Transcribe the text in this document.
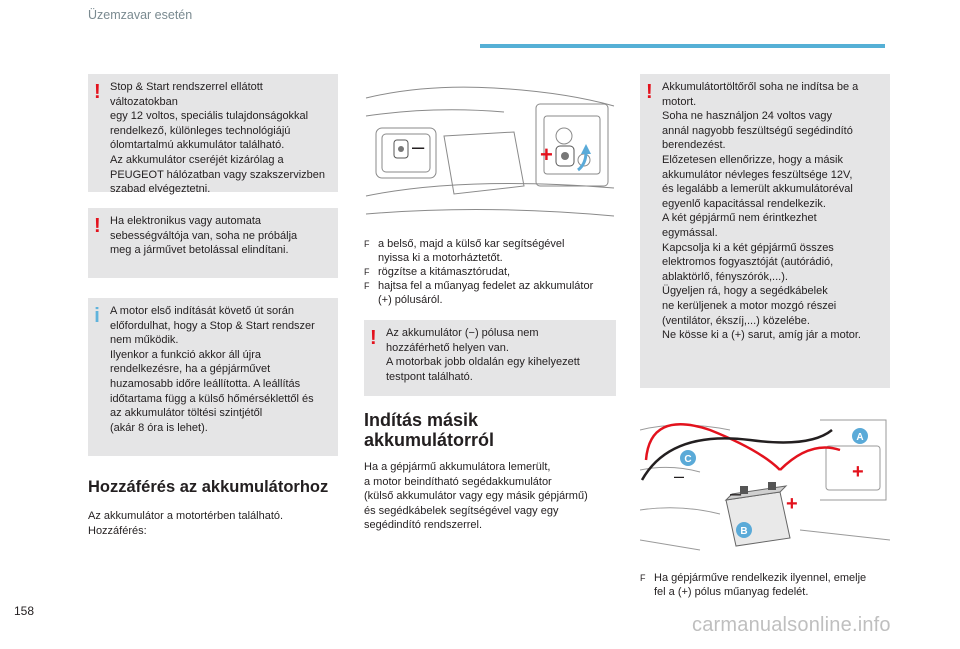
Üzemzavar esetén
! Stop & Start rendszerrel ellátott változatokban
egy 12 voltos, speciális tulajdonságokkal
rendelkező, különleges technológiájú
ólomtartalmú akkumulátor található.
Az akkumulátor cseréjét kizárólag a
PEUGEOT hálózatban vagy szakszervizben
szabad elvégeztetni.
! Ha elektronikus vagy automata
sebességváltója van, soha ne próbálja
meg a járművet betolással elindítani.
i A motor első indítását követő út során
előfordulhat, hogy a Stop & Start rendszer
nem működik.
Ilyenkor a funkció akkor áll újra
rendelkezésre, ha a gépjárművet
huzamosabb időre leállította. A leállítás
időtartama függ a külső hőmérséklettől és
az akkumulátor töltési szintjétől
(akár 8 óra is lehet).
Hozzáférés az akkumulátorhoz
Az akkumulátor a motortérben található.
Hozzáférés:
–	+
F a belső, majd a külső kar segítségével
nyissa ki a motorháztetőt.
F rögzítse a kitámasztórudat,
F hajtsa fel a műanyag fedelet az akkumulátor
(+) pólusáról.
! Az akkumulátor (−) pólusa nem
hozzáférhető helyen van.
A motorbak jobb oldalán egy kihelyezett
testpont található.
Indítás másik
akkumulátorról
Ha a gépjármű akkumulátora lemerült,
a motor beindítható segédakkumulátor
(külső akkumulátor vagy egy másik gépjármű)
és segédkábelek segítségével vagy egy
segédindító rendszerrel.
! Akkumulátortöltőről soha ne indítsa be a
motort.
Soha ne használjon 24 voltos vagy
annál nagyobb feszültségű segédindító
berendezést.
Előzetesen ellenőrizze, hogy a másik
akkumulátor névleges feszültsége 12V,
és legalább a lemerült akkumulátoréval
egyenlő kapacitással rendelkezik.
A két gépjármű nem érintkezhet
egymással.
Kapcsolja ki a két gépjármű összes
elektromos fogyasztóját (autórádió,
ablaktörlő, fényszórók,...).
Ügyeljen rá, hogy a segédkábelek
ne kerüljenek a motor mozgó részei
(ventilátor, ékszíj,...) közelébe.
Ne kösse ki a (+) sarut, amíg jár a motor.
– +
–	+
A
B
C
F Ha gépjárművе rendelkezik ilyennel, emelje
fel a (+) pólus műanyag fedelét.
158
carmanualsonline.info
